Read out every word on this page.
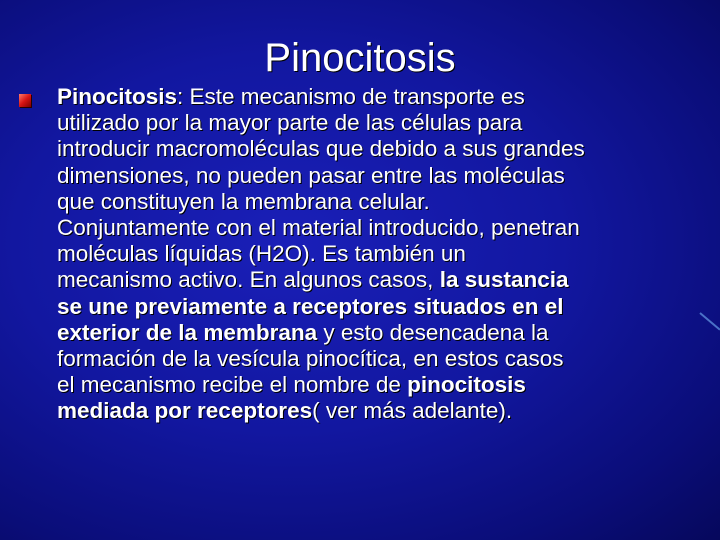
Pinocitosis
Pinocitosis: Este mecanismo de transporte es
utilizado por la mayor parte de las células para
introducir macromoléculas que debido a sus grandes
dimensiones, no pueden pasar entre las moléculas
que constituyen la membrana celular.
Conjuntamente con el material introducido, penetran
moléculas líquidas (H2O). Es también un
mecanismo activo. En algunos casos, la sustancia
se une previamente a receptores situados en el
exterior de la membrana y esto desencadena la
formación de la vesícula pinocítica, en estos casos
el mecanismo recibe el nombre de pinocitosis
mediada por receptores( ver más adelante).
